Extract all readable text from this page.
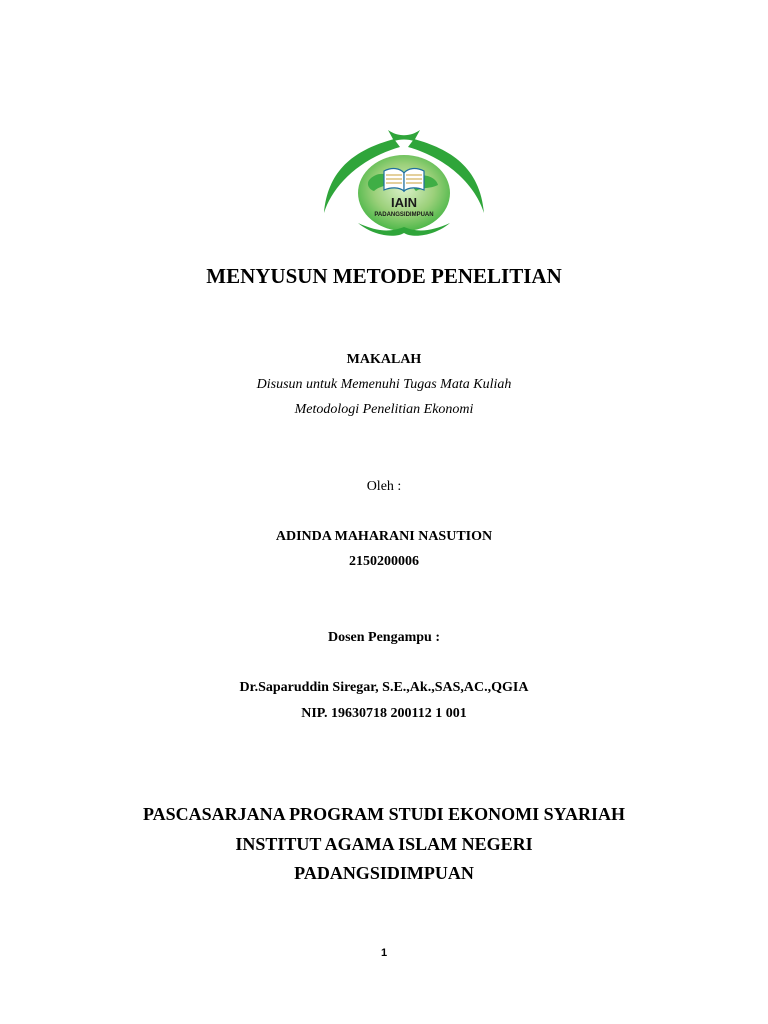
IAIN
PADANGSIDIMPUAN
MENYUSUN METODE PENELITIAN
MAKALAH
Disusun untuk Memenuhi Tugas Mata Kuliah
Metodologi Penelitian Ekonomi
Oleh :
ADINDA MAHARANI NASUTION
2150200006
Dosen Pengampu :
Dr.Saparuddin Siregar, S.E.,Ak.,SAS,AC.,QGIA
NIP. 19630718 200112 1 001
PASCASARJANA PROGRAM STUDI EKONOMI SYARIAH
INSTITUT AGAMA ISLAM NEGERI
PADANGSIDIMPUAN
1
